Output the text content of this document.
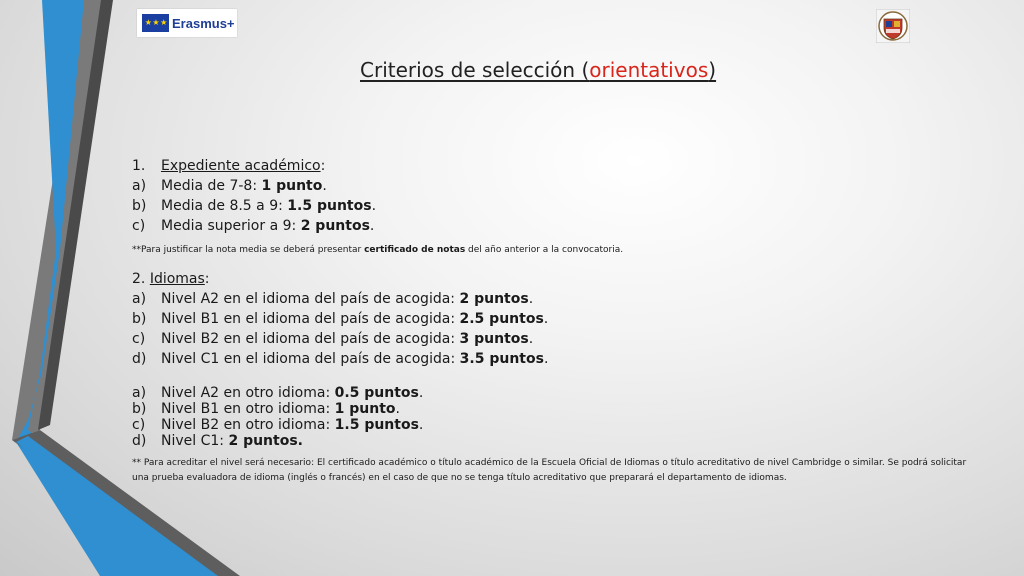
★ ★ ★ Erasmus+
Criterios de selección (orientativos)
1. Expediente académico:
a) Media de 7-8: 1 punto.
b) Media de 8.5 a 9: 1.5 puntos.
c) Media superior a 9: 2 puntos.
**Para justificar la nota media se deberá presentar certificado de notas del año anterior a la convocatoria.
2. Idiomas:
a) Nivel A2 en el idioma del país de acogida: 2 puntos.
b) Nivel B1 en el idioma del país de acogida: 2.5 puntos.
c) Nivel B2 en el idioma del país de acogida: 3 puntos.
d) Nivel C1 en el idioma del país de acogida: 3.5 puntos.
a) Nivel A2 en otro idioma: 0.5 puntos.
b) Nivel B1 en otro idioma: 1 punto.
c) Nivel B2 en otro idioma: 1.5 puntos.
d) Nivel C1: 2 puntos.
** Para acreditar el nivel será necesario: El certificado académico o título académico de la Escuela Oficial de Idiomas o título acreditativo de nivel Cambridge o similar. Se podrá solicitar
una prueba evaluadora de idioma (inglés o francés) en el caso de que no se tenga título acreditativo que preparará el departamento de idiomas.
